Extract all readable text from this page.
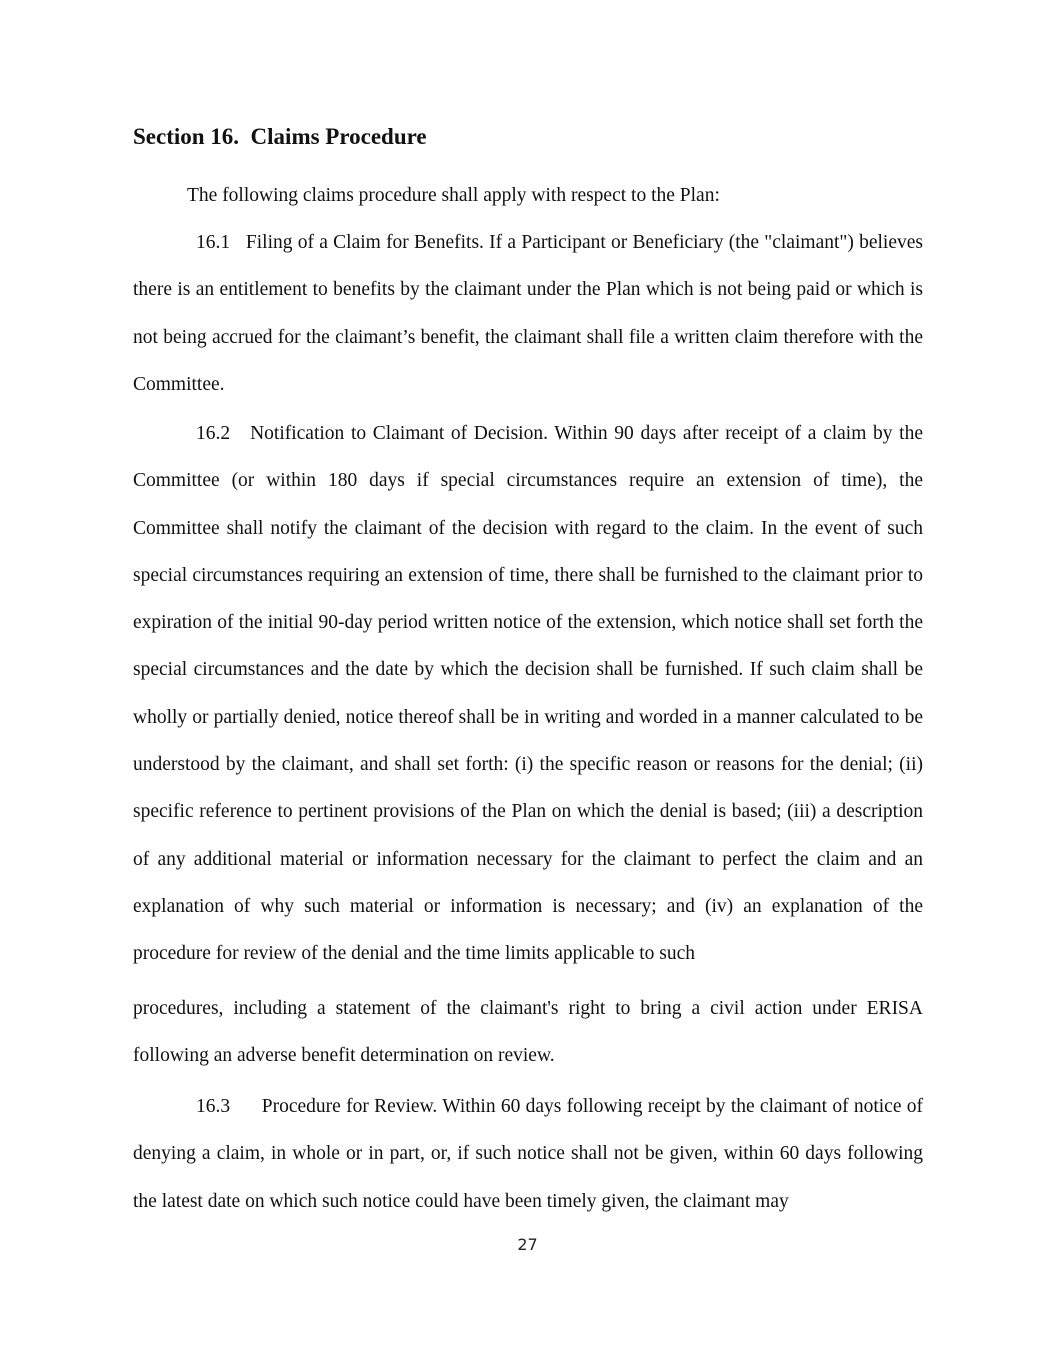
Section 16.  Claims Procedure
The following claims procedure shall apply with respect to the Plan:

16.1 Filing of a Claim for Benefits. If a Participant or Beneficiary (the "claimant") believes there is an entitlement to benefits by the claimant under the Plan which is not being paid or which is not being accrued for the claimant’s benefit, the claimant shall file a written claim therefore with the Committee.

16.2 Notification to Claimant of Decision. Within 90 days after receipt of a claim by the Committee (or within 180 days if special circumstances require an extension of time), the Committee shall notify the claimant of the decision with regard to the claim. In the event of such special circumstances requiring an extension of time, there shall be furnished to the claimant prior to expiration of the initial 90-day period written notice of the extension, which notice shall set forth the special circumstances and the date by which the decision shall be furnished. If such claim shall be wholly or partially denied, notice thereof shall be in writing and worded in a manner calculated to be understood by the claimant, and shall set forth: (i) the specific reason or reasons for the denial; (ii) specific reference to pertinent provisions of the Plan on which the denial is based; (iii) a description of any additional material or information necessary for the claimant to perfect the claim and an explanation of why such material or information is necessary; and (iv) an explanation of the procedure for review of the denial and the time limits applicable to such
procedures, including a statement of the claimant's right to bring a civil action under ERISA following an adverse benefit determination on review.

16.3 Procedure for Review. Within 60 days following receipt by the claimant of notice of denying a claim, in whole or in part, or, if such notice shall not be given, within 60 days following the latest date on which such notice could have been timely given, the claimant may

27
